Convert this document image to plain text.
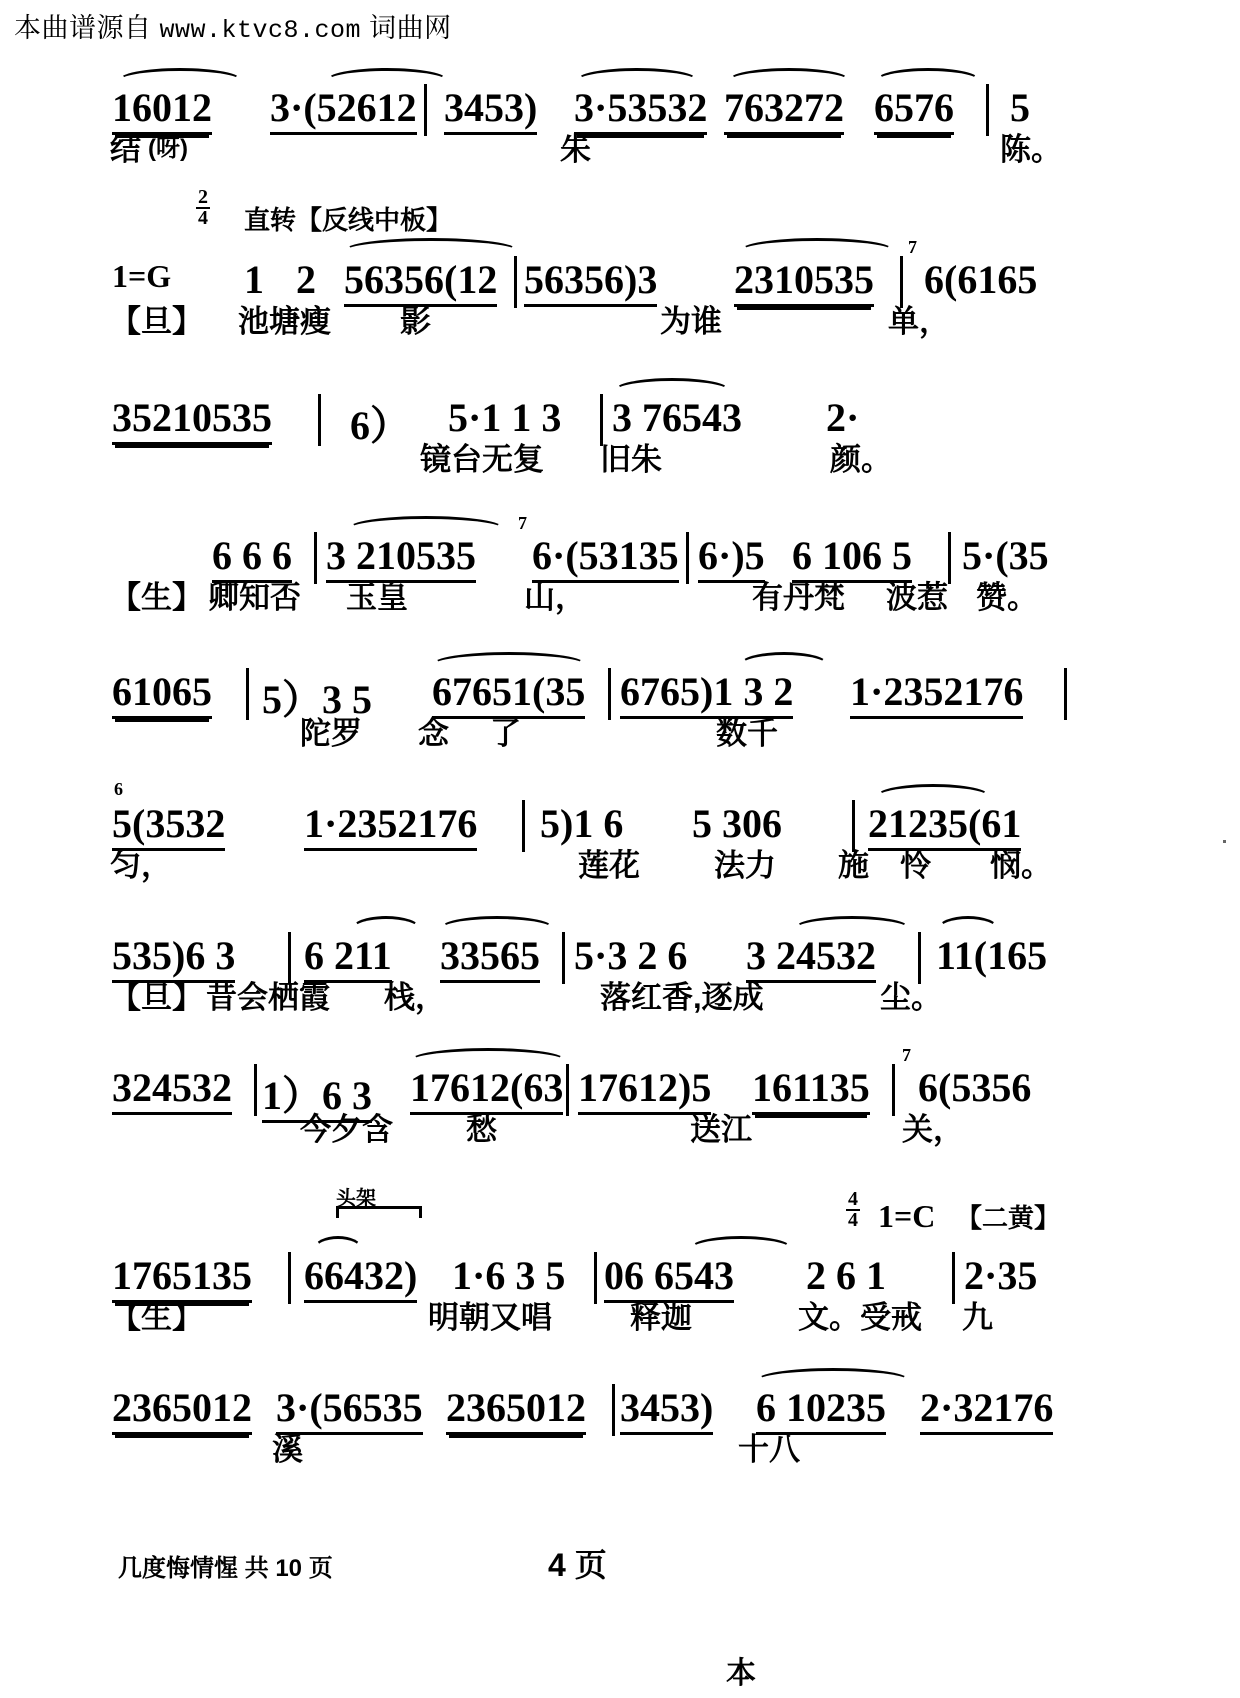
本曲谱源自 www.ktvc8.com 词曲网
16012 3·(52612 3453) 3·53532 763272 6576 5
结 (呀)	朱	陈。
$\frac{2}{4}$ 直转【反线中板】
1=G 1 2 56356(12 56356)3 2310535
7
6(6165
【旦】 池塘瘦 影	为谁	单，
35210535 6） 5·1 1 3 3 76543 2·
镜台无复 旧朱	颜。
6 6 6 3 210535
7
6·(53135 6·)5 6 106 5 5·(35
【生】 卿知否 玉皇	山，	有丹梵 波惹 赞。
61065 5）3 5 67651(35 6765)1 3 2 1·2352176
陀罗 念 了	数千
6
5(3532 1·2352176 5)1 6 5 306 21235(61
匀，	莲花 法力 施 怜 悯。
535)6 3 6 211 33565 5·3 2 6 3 24532 11(165
【旦】 昔会栖霞 栈，	落红香,逐成	尘。
324532 1）6 3 17612(63 17612)5 161135
7
6(5356
今夕含 愁	送江	关，
头架	$\frac{4}{4} 1=C$ 【二黄】
1765135 66432) 1·6 3 5 06 6543 2 6 1 2·35
【生】	明朝又唱	释迦	文。受戒 九
2365012 3·(56535 2365012 3453) 6 10235 2·32176
溪	十八
几度悔情惺 共 10 页	4 页
本
